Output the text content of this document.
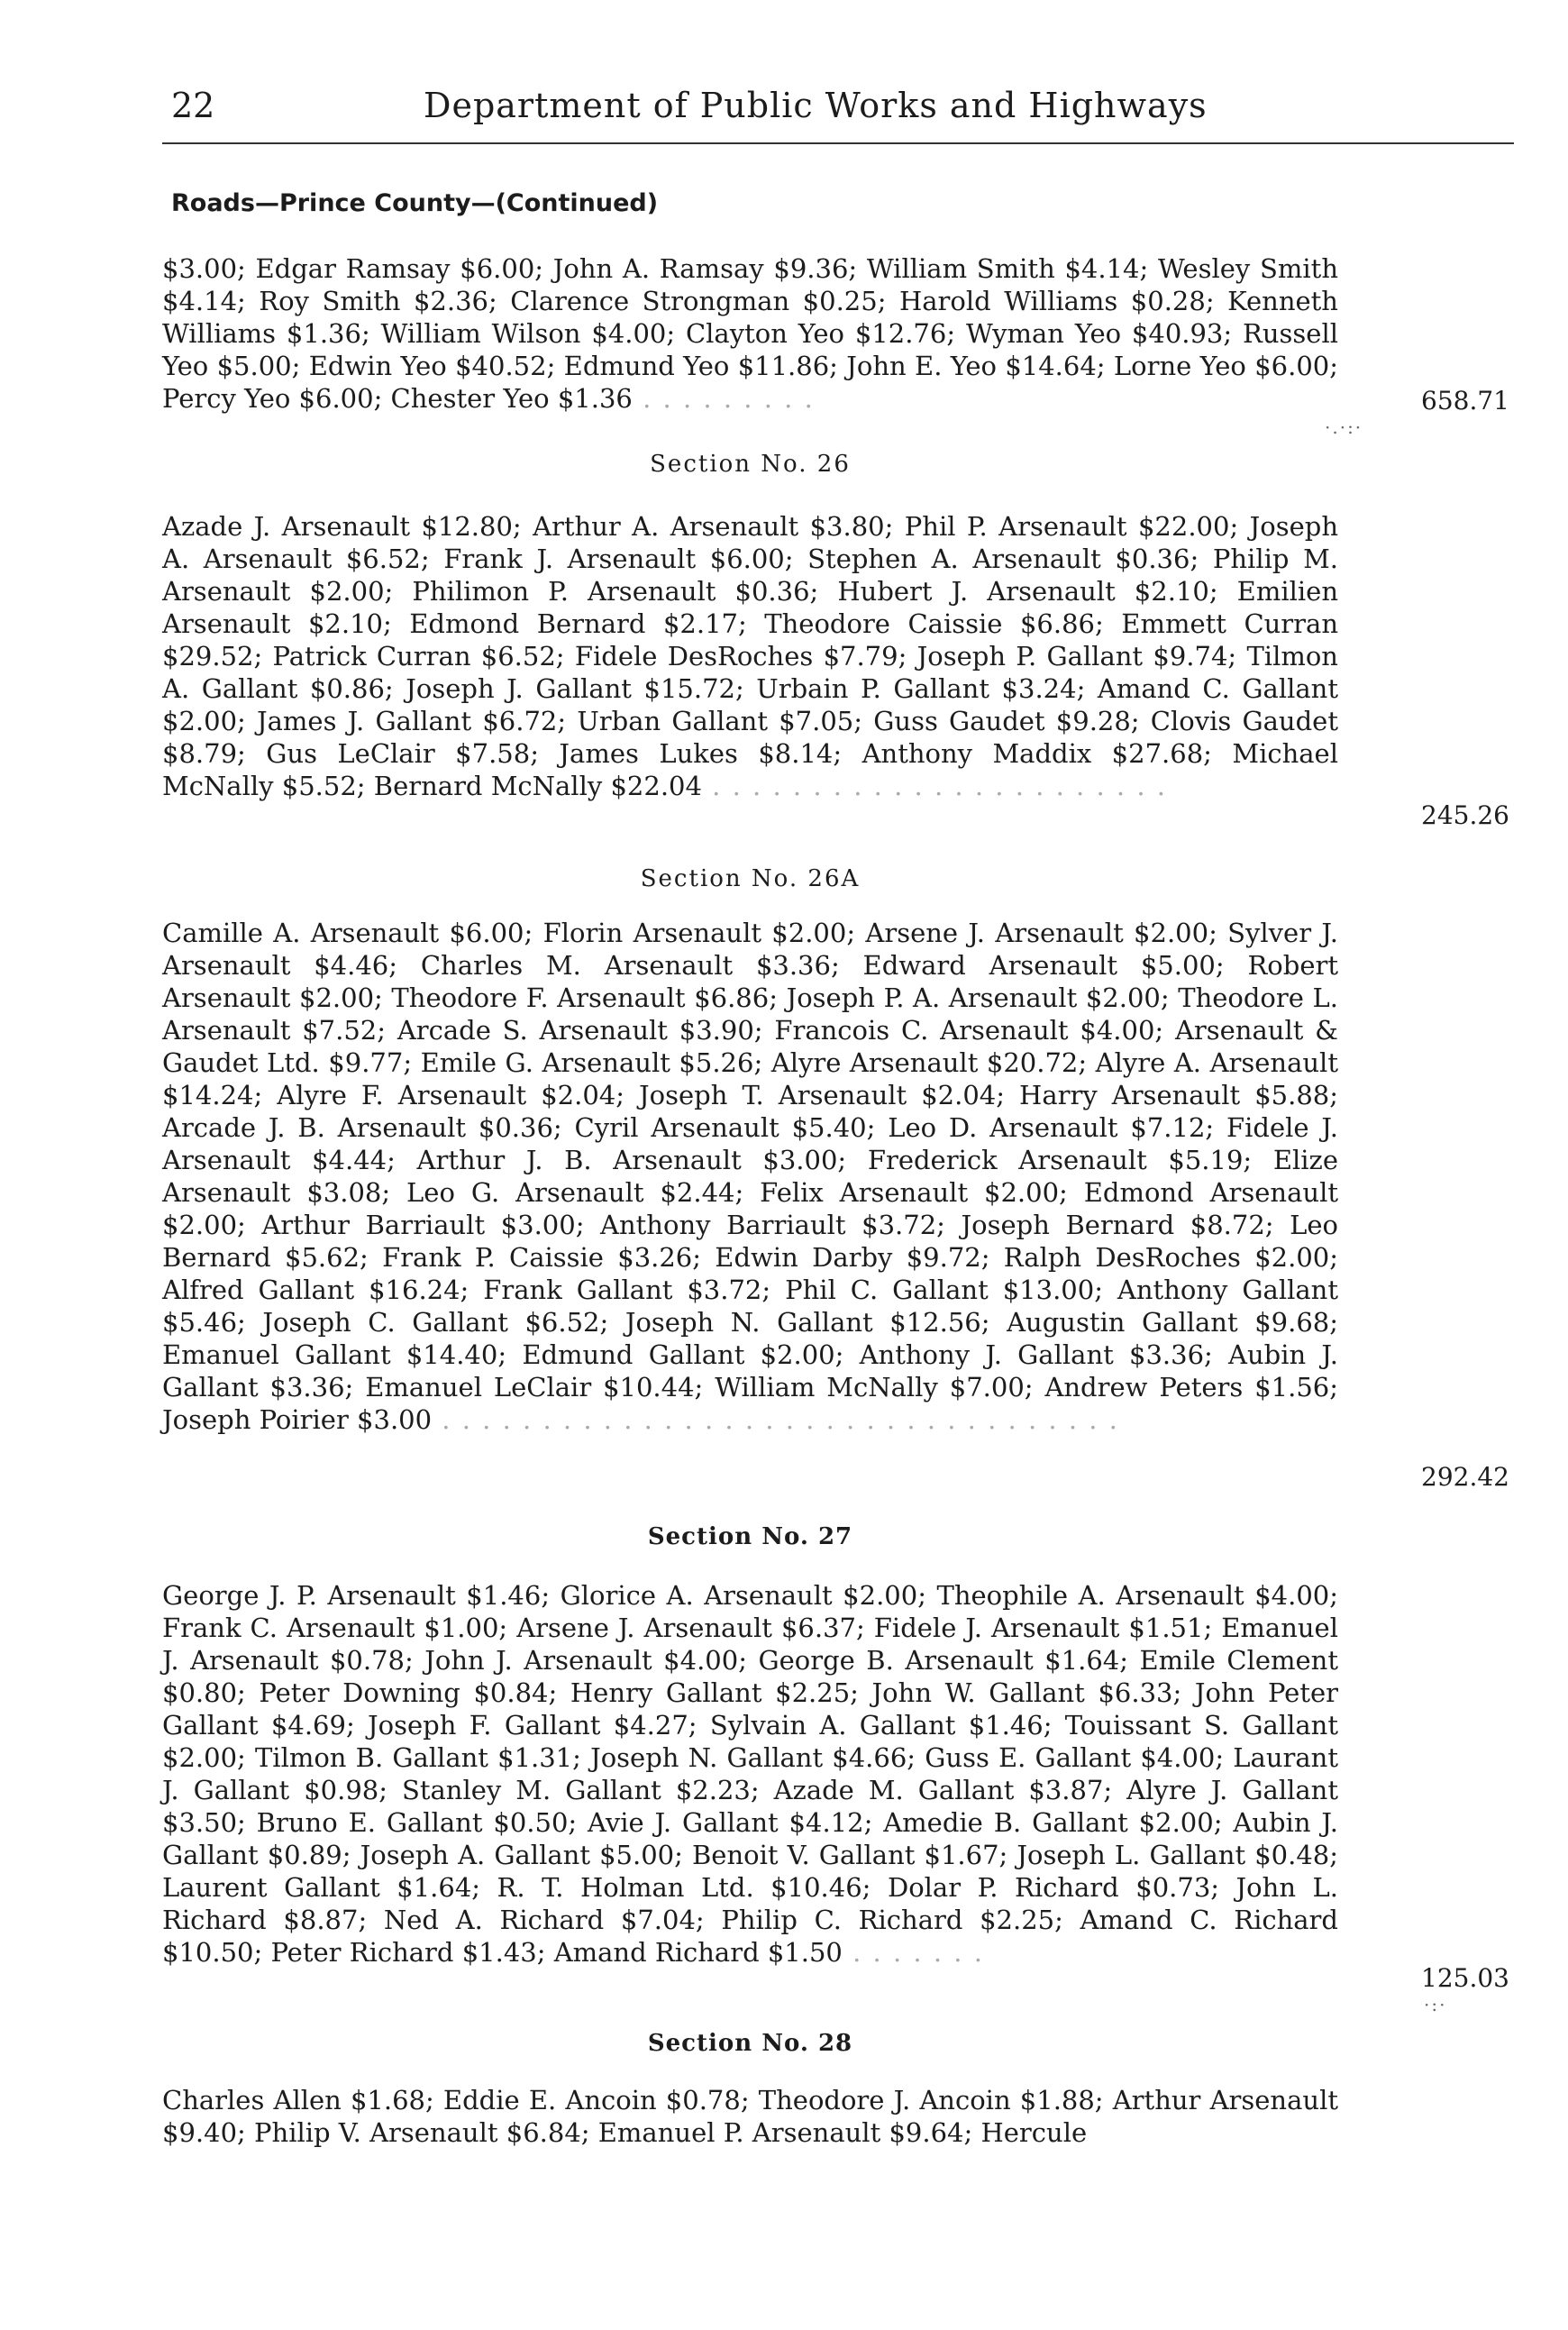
22	Department of Public Works and Highways
Roads—Prince County—(Continued)
$3.00; Edgar Ramsay $6.00; John A. Ramsay $9.36; William Smith $4.14; Wesley Smith $4.14; Roy Smith $2.36; Clarence Strongman $0.25; Harold Williams $0.28; Kenneth Williams $1.36; William Wilson $4.00; Clayton Yeo $12.76; Wyman Yeo $40.93; Russell Yeo $5.00; Edwin Yeo $40.52; Edmund Yeo $11.86; John E. Yeo $14.64; Lorne Yeo $6.00; Percy Yeo $6.00; Chester Yeo $1.36 . . . . . . . . .	658.71
·.·:·
Section No. 26
Azade J. Arsenault $12.80; Arthur A. Arsenault $3.80; Phil P. Arsenault $22.00; Joseph A. Arsenault $6.52; Frank J. Arsenault $6.00; Stephen A. Arsenault $0.36; Philip M. Arsenault $2.00; Philimon P. Arsenault $0.36; Hubert J. Arsenault $2.10; Emilien Arsenault $2.10; Edmond Bernard $2.17; Theodore Caissie $6.86; Emmett Curran $29.52; Patrick Curran $6.52; Fidele DesRoches $7.79; Joseph P. Gallant $9.74; Tilmon A. Gallant $0.86; Joseph J. Gallant $15.72; Urbain P. Gallant $3.24; Amand C. Gallant $2.00; James J. Gallant $6.72; Urban Gallant $7.05; Guss Gaudet $9.28; Clovis Gaudet $8.79; Gus LeClair $7.58; James Lukes $8.14; Anthony Maddix $27.68; Michael McNally $5.52; Bernard McNally $22.04 . . . . . . . . . . . . . . . . . . . . . . .
245.26
Section No. 26A
Camille A. Arsenault $6.00; Florin Arsenault $2.00; Arsene J. Arsenault $2.00; Sylver J. Arsenault $4.46; Charles M. Arsenault $3.36; Edward Arsenault $5.00; Robert Arsenault $2.00; Theodore F. Arsenault $6.86; Joseph P. A. Arsenault $2.00; Theodore L. Arsenault $7.52; Arcade S. Arsenault $3.90; Francois C. Arsenault $4.00; Arsenault & Gaudet Ltd. $9.77; Emile G. Arsenault $5.26; Alyre Arsenault $20.72; Alyre A. Arsenault $14.24; Alyre F. Arsenault $2.04; Joseph T. Arsenault $2.04; Harry Arsenault $5.88; Arcade J. B. Arsenault $0.36; Cyril Arsenault $5.40; Leo D. Arsenault $7.12; Fidele J. Arsenault $4.44; Arthur J. B. Arsenault $3.00; Frederick Arsenault $5.19; Elize Arsenault $3.08; Leo G. Arsenault $2.44; Felix Arsenault $2.00; Edmond Arsenault $2.00; Arthur Barriault $3.00; Anthony Barriault $3.72; Joseph Bernard $8.72; Leo Bernard $5.62; Frank P. Caissie $3.26; Edwin Darby $9.72; Ralph DesRoches $2.00; Alfred Gallant $16.24; Frank Gallant $3.72; Phil C. Gallant $13.00; Anthony Gallant $5.46; Joseph C. Gallant $6.52; Joseph N. Gallant $12.56; Augustin Gallant $9.68; Emanuel Gallant $14.40; Edmund Gallant $2.00; Anthony J. Gallant $3.36; Aubin J. Gallant $3.36; Emanuel LeClair $10.44; William McNally $7.00; Andrew Peters $1.56; Joseph Poirier $3.00 . . . . . . . . . . . . . . . . . . . . . . . . . . . . . . . . . .
292.42
Section No. 27
George J. P. Arsenault $1.46; Glorice A. Arsenault $2.00; Theophile A. Arsenault $4.00; Frank C. Arsenault $1.00; Arsene J. Arsenault $6.37; Fidele J. Arsenault $1.51; Emanuel J. Arsenault $0.78; John J. Arsenault $4.00; George B. Arsenault $1.64; Emile Clement $0.80; Peter Downing $0.84; Henry Gallant $2.25; John W. Gallant $6.33; John Peter Gallant $4.69; Joseph F. Gallant $4.27; Sylvain A. Gallant $1.46; Touissant S. Gallant $2.00; Tilmon B. Gallant $1.31; Joseph N. Gallant $4.66; Guss E. Gallant $4.00; Laurant J. Gallant $0.98; Stanley M. Gallant $2.23; Azade M. Gallant $3.87; Alyre J. Gallant $3.50; Bruno E. Gallant $0.50; Avie J. Gallant $4.12; Amedie B. Gallant $2.00; Aubin J. Gallant $0.89; Joseph A. Gallant $5.00; Benoit V. Gallant $1.67; Joseph L. Gallant $0.48; Laurent Gallant $1.64; R. T. Holman Ltd. $10.46; Dolar P. Richard $0.73; John L. Richard $8.87; Ned A. Richard $7.04; Philip C. Richard $2.25; Amand C. Richard $10.50; Peter Richard $1.43; Amand Richard $1.50 . . . . . . .
125.03
·:·
Section No. 28
Charles Allen $1.68; Eddie E. Ancoin $0.78; Theodore J. Ancoin $1.88; Arthur Arsenault $9.40; Philip V. Arsenault $6.84; Emanuel P. Arsenault $9.64; Hercule
